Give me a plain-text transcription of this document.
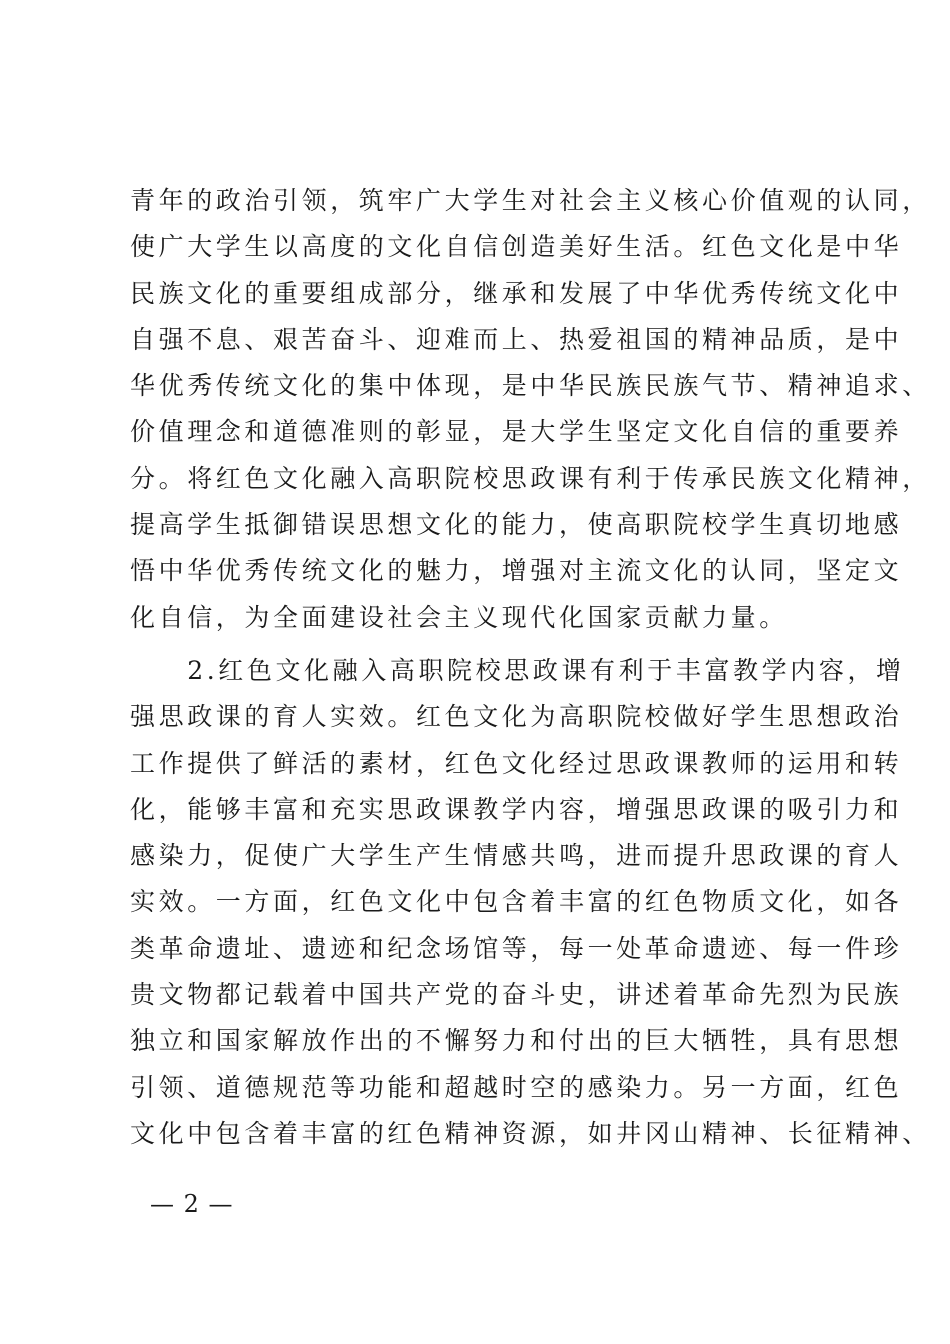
青年的政治引领，筑牢广大学生对社会主义核心价值观的认同，
使广大学生以高度的文化自信创造美好生活。红色文化是中华
民族文化的重要组成部分，继承和发展了中华优秀传统文化中
自强不息、艰苦奋斗、迎难而上、热爱祖国的精神品质，是中
华优秀传统文化的集中体现，是中华民族民族气节、精神追求、
价值理念和道德准则的彰显，是大学生坚定文化自信的重要养
分。将红色文化融入高职院校思政课有利于传承民族文化精神，
提高学生抵御错误思想文化的能力，使高职院校学生真切地感
悟中华优秀传统文化的魅力，增强对主流文化的认同，坚定文
化自信，为全面建设社会主义现代化国家贡献力量。
　　2.红色文化融入高职院校思政课有利于丰富教学内容，增
强思政课的育人实效。红色文化为高职院校做好学生思想政治
工作提供了鲜活的素材，红色文化经过思政课教师的运用和转
化，能够丰富和充实思政课教学内容，增强思政课的吸引力和
感染力，促使广大学生产生情感共鸣，进而提升思政课的育人
实效。一方面，红色文化中包含着丰富的红色物质文化，如各
类革命遗址、遗迹和纪念场馆等，每一处革命遗迹、每一件珍
贵文物都记载着中国共产党的奋斗史，讲述着革命先烈为民族
独立和国家解放作出的不懈努力和付出的巨大牺牲，具有思想
引领、道德规范等功能和超越时空的感染力。另一方面，红色
文化中包含着丰富的红色精神资源，如井冈山精神、长征精神、
— 2 —
